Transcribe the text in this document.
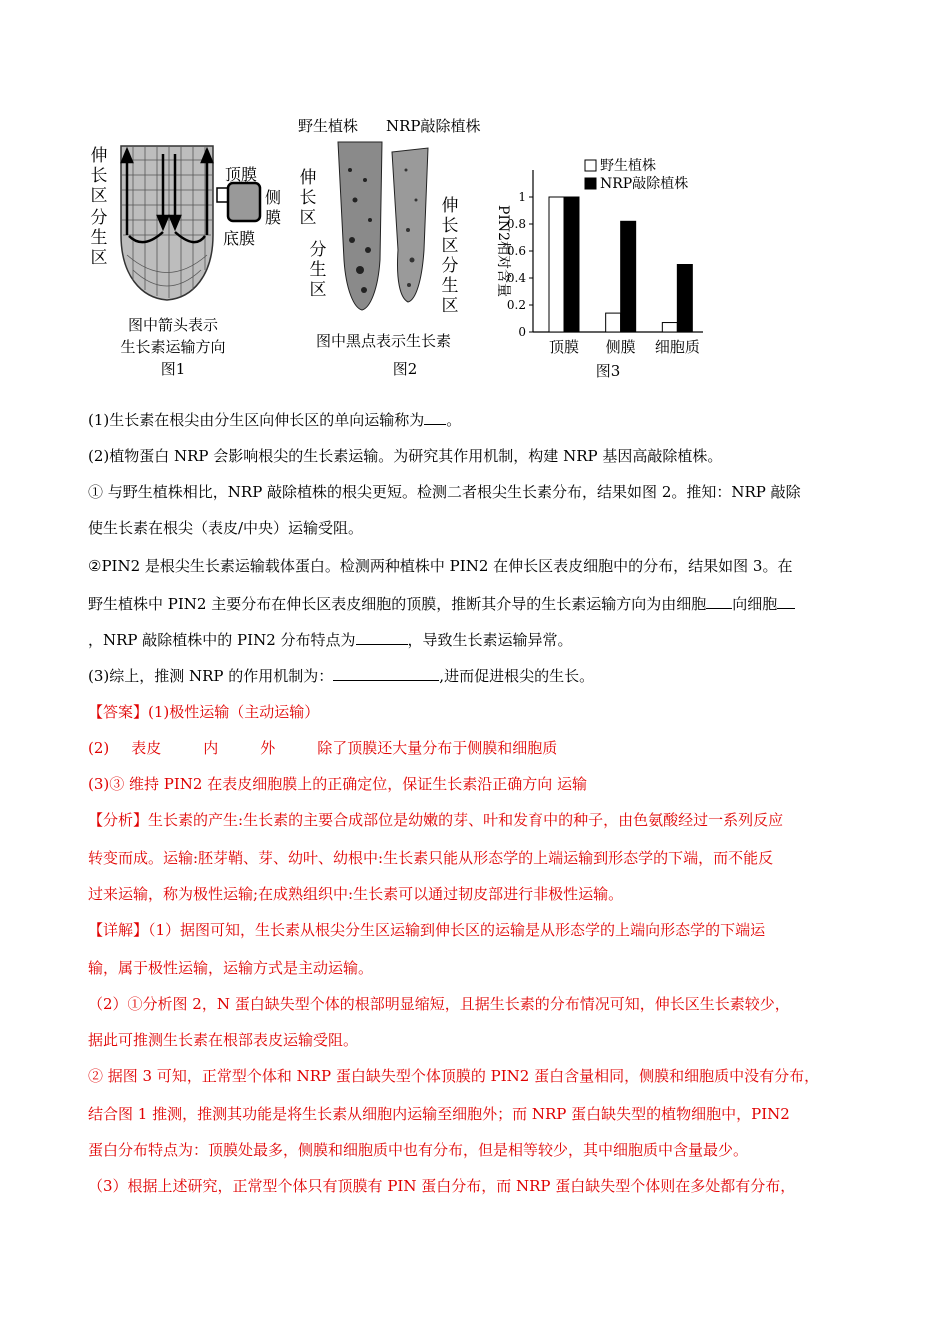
伸长区
分生区
顶膜
侧膜
底膜
图中箭头表示
生长素运输方向
图1
野生植株 NRP敲除植株
伸长区
分生区
伸长区
分生区
图中黑点表示生长素
图2
0
0.2
0.4
0.6
0.8
1
PIN2相对含量
顶膜 侧膜 细胞质
野生植株
NRP敲除植株
图3
(1)生长素在根尖由分生区向伸长区的单向运输称为 。
(2)植物蛋白 NRP 会影响根尖的生长素运输。为研究其作用机制，构建 NRP 基因高敲除植株。
① 与野生植株相比，NRP 敲除植株的根尖更短。检测二者根尖生长素分布，结果如图 2。推知：NRP 敲除
使生长素在根尖（表皮/中央）运输受阻。
②PIN2 是根尖生长素运输载体蛋白。检测两种植株中 PIN2 在伸长区表皮细胞中的分布，结果如图 3。在
野生植株中 PIN2 主要分布在伸长区表皮细胞的顶膜，推断其介导的生长素运输方向为由细胞 向细胞
，NRP 敲除植株中的 PIN2 分布特点为	，导致生长素运输异常。
(3)综上，推测 NRP 的作用机制为：	,进而促进根尖的生长。
【答案】(1)极性运输（主动运输）
(2) 表皮	内	外	除了顶膜还大量分布于侧膜和细胞质
(3)③ 维持 PIN2 在表皮细胞膜上的正确定位，保证生长素沿正确方向 运输
【分析】生长素的产生:生长素的主要合成部位是幼嫩的芽、叶和发育中的种子，由色氨酸经过一系列反应
转变而成。运输:胚芽鞘、芽、幼叶、幼根中:生长素只能从形态学的上端运输到形态学的下端，而不能反
过来运输，称为极性运输;在成熟组织中:生长素可以通过韧皮部进行非极性运输。
【详解】（1）据图可知，生长素从根尖分生区运输到伸长区的运输是从形态学的上端向形态学的下端运
输，属于极性运输，运输方式是主动运输。
（2）①分析图 2，N 蛋白缺失型个体的根部明显缩短，且据生长素的分布情况可知，伸长区生长素较少，
据此可推测生长素在根部表皮运输受阻。
② 据图 3 可知，正常型个体和 NRP 蛋白缺失型个体顶膜的 PIN2 蛋白含量相同，侧膜和细胞质中没有分布，
结合图 1 推测，推测其功能是将生长素从细胞内运输至细胞外；而 NRP 蛋白缺失型的植物细胞中，PIN2
蛋白分布特点为：顶膜处最多，侧膜和细胞质中也有分布，但是相等较少，其中细胞质中含量最少。
（3）根据上述研究，正常型个体只有顶膜有 PIN 蛋白分布，而 NRP 蛋白缺失型个体则在多处都有分布，
